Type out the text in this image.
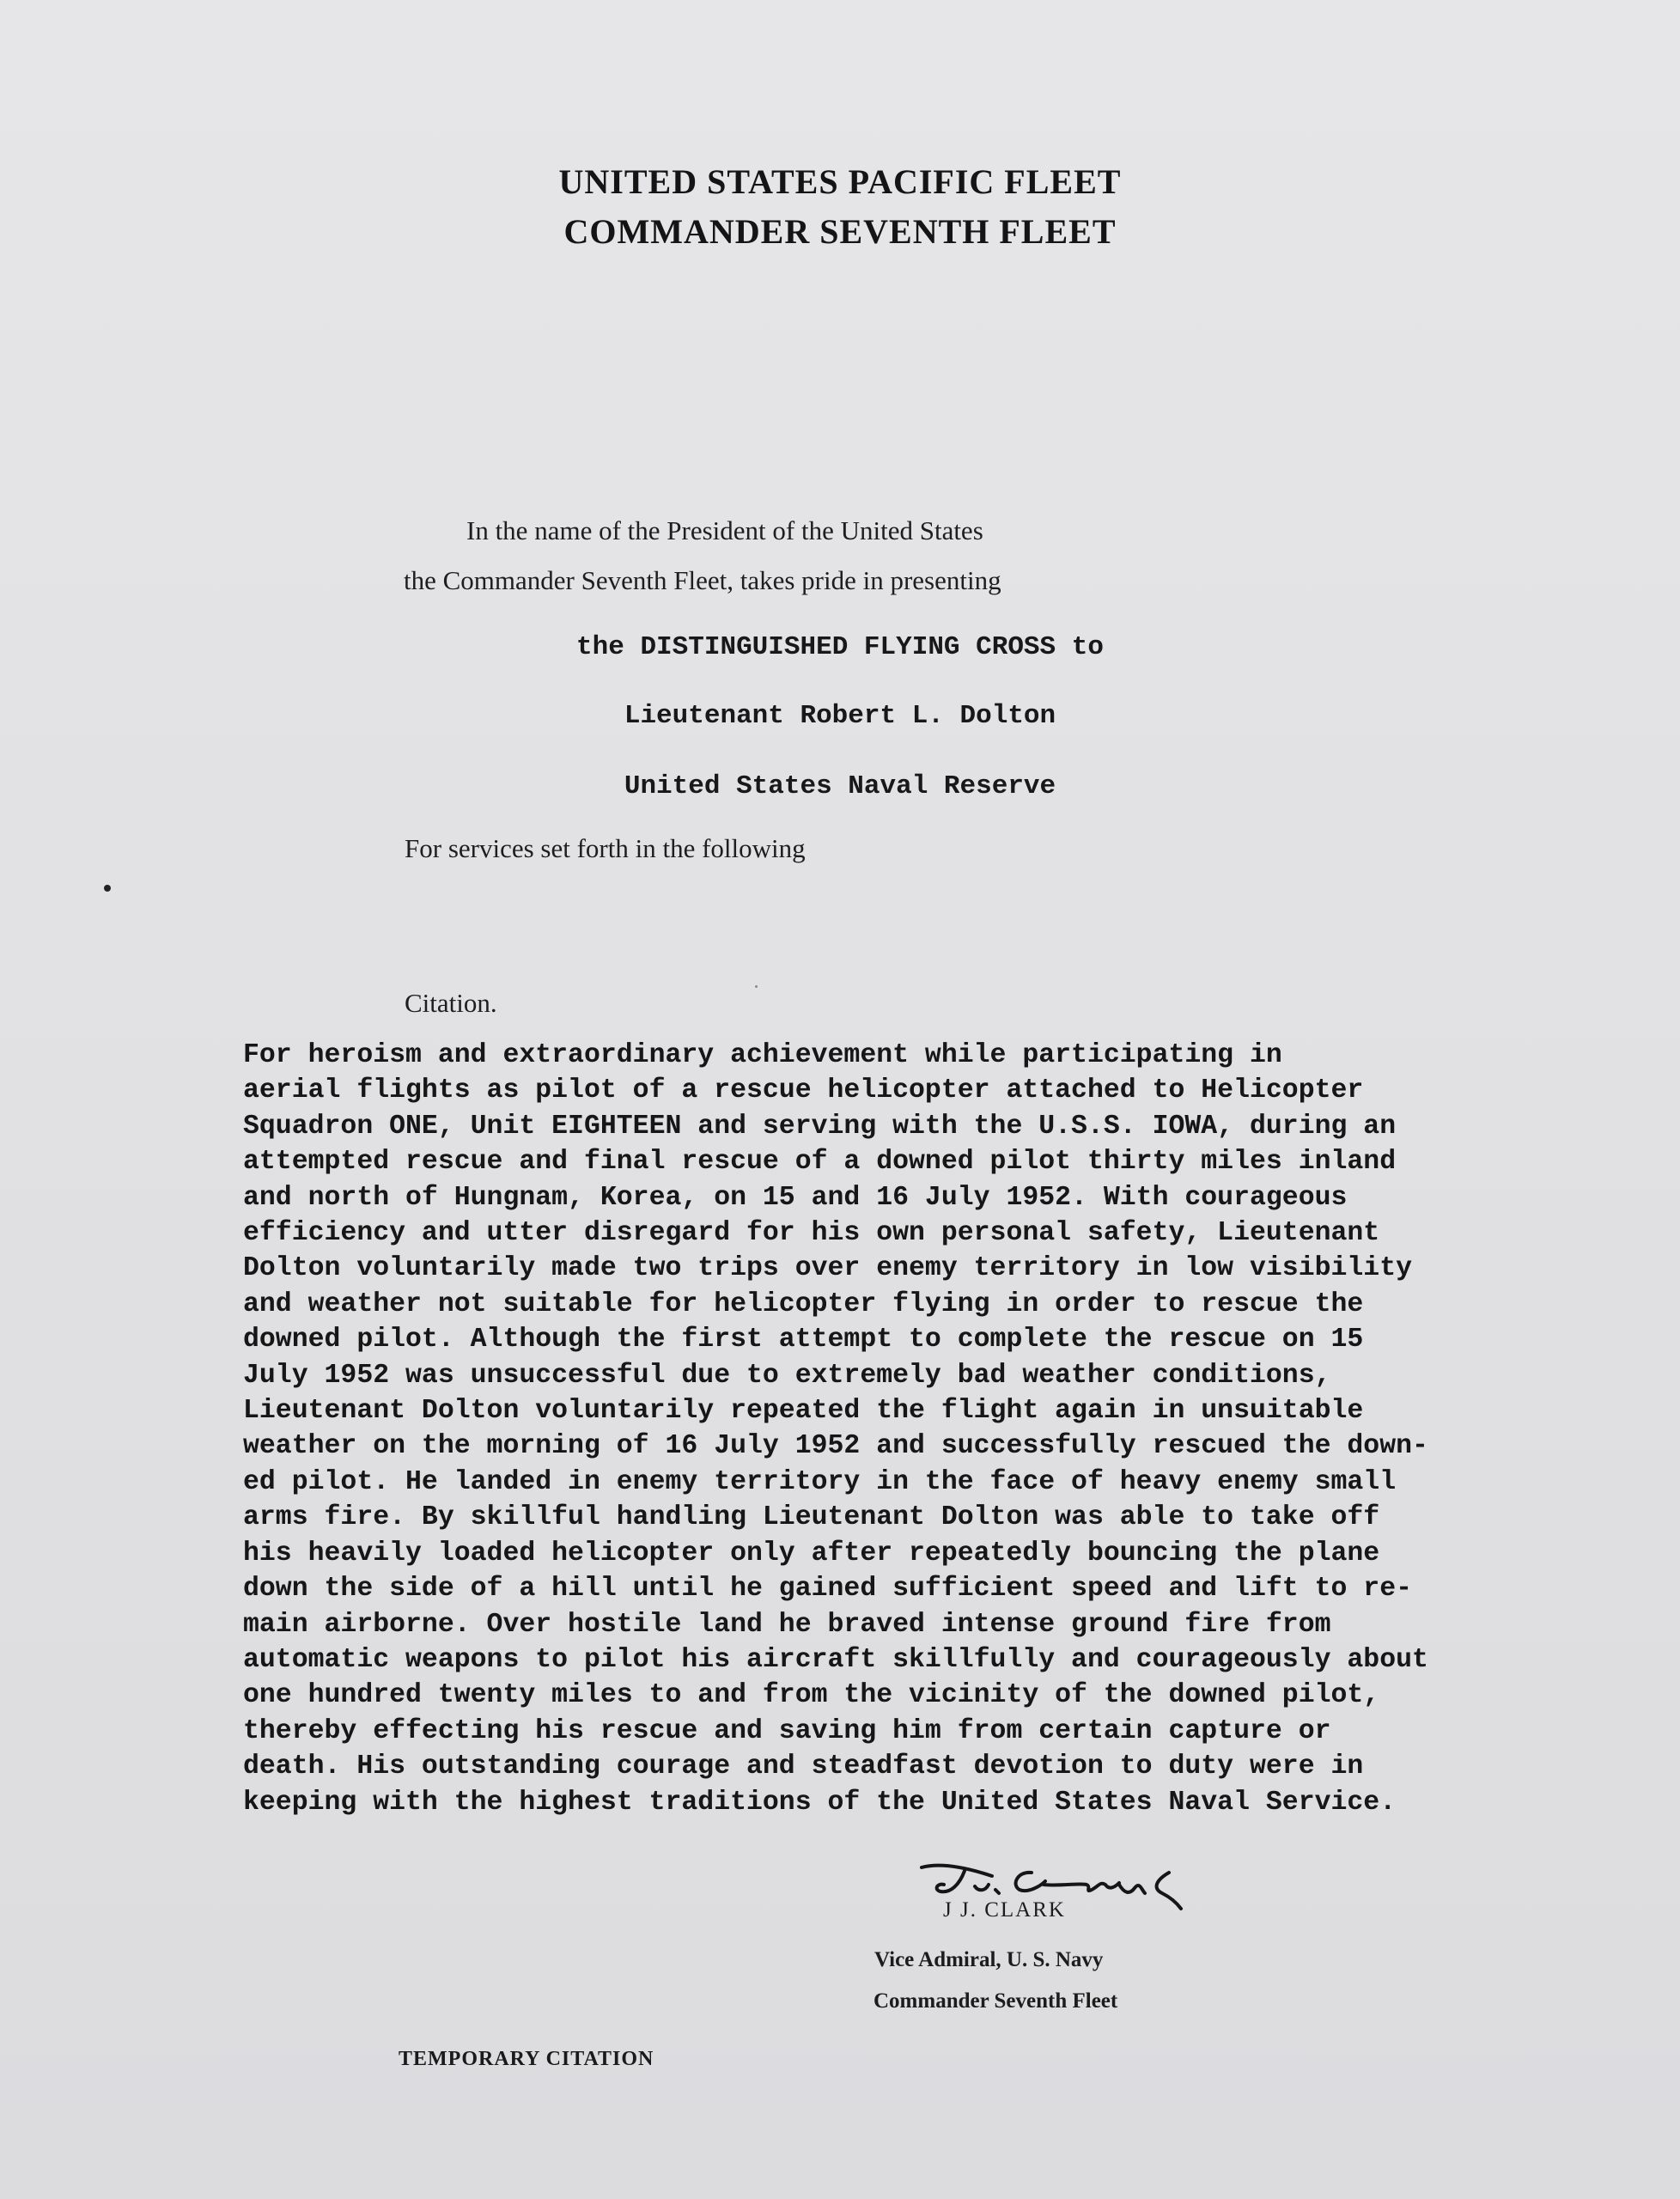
UNITED STATES PACIFIC FLEET
COMMANDER SEVENTH FLEET
In the name of the President of the United States
the Commander Seventh Fleet, takes pride in presenting
the DISTINGUISHED FLYING CROSS to
Lieutenant Robert L. Dolton
United States Naval Reserve
For services set forth in the following
Citation.
For heroism and extraordinary achievement while participating in
aerial flights as pilot of a rescue helicopter attached to Helicopter
Squadron ONE, Unit EIGHTEEN and serving with the U.S.S. IOWA, during an
attempted rescue and final rescue of a downed pilot thirty miles inland
and north of Hungnam, Korea, on 15 and 16 July 1952. With courageous
efficiency and utter disregard for his own personal safety, Lieutenant
Dolton voluntarily made two trips over enemy territory in low visibility
and weather not suitable for helicopter flying in order to rescue the
downed pilot. Although the first attempt to complete the rescue on 15
July 1952 was unsuccessful due to extremely bad weather conditions,
Lieutenant Dolton voluntarily repeated the flight again in unsuitable
weather on the morning of 16 July 1952 and successfully rescued the down-
ed pilot. He landed in enemy territory in the face of heavy enemy small
arms fire. By skillful handling Lieutenant Dolton was able to take off
his heavily loaded helicopter only after repeatedly bouncing the plane
down the side of a hill until he gained sufficient speed and lift to re-
main airborne. Over hostile land he braved intense ground fire from
automatic weapons to pilot his aircraft skillfully and courageously about
one hundred twenty miles to and from the vicinity of the downed pilot,
thereby effecting his rescue and saving him from certain capture or
death. His outstanding courage and steadfast devotion to duty were in
keeping with the highest traditions of the United States Naval Service.
J J. CLARK
Vice Admiral, U. S. Navy
Commander Seventh Fleet
TEMPORARY CITATION
